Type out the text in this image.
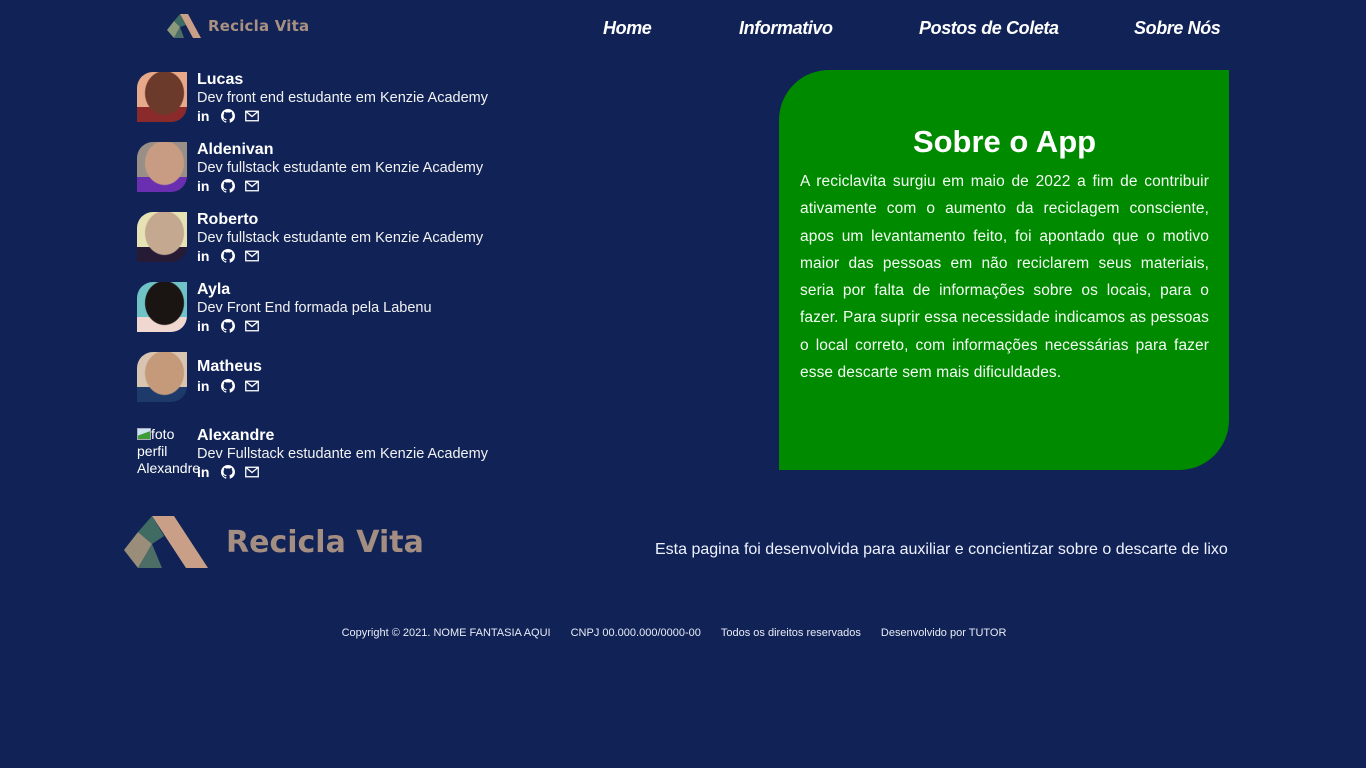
Recicla Vita	Home	Informativo	Postos de Coleta	Sobre Nós
Lucas
Dev front end estudante em Kenzie Academy
in
Aldenivan
Dev fullstack estudante em Kenzie Academy
in
Roberto
Dev fullstack estudante em Kenzie Academy
in
Ayla
Dev Front End formada pela Labenu
in
Matheus
in
foto perfil Alexandre
Alexandre
Dev Fullstack estudante em Kenzie Academy
in
Sobre o App

A reciclavita surgiu em maio de 2022 a fim de contribuir ativamente com o aumento da reciclagem consciente, apos um levantamento feito, foi apontado que o motivo maior das pessoas em não reciclarem seus materiais, seria por falta de informações sobre os locais, para o fazer. Para suprir essa necessidade indicamos as pessoas o local correto, com informações necessárias para fazer esse descarte sem mais dificuldades.

Recicla Vita	Esta pagina foi desenvolvida para auxiliar e concientizar sobre o descarte de lixo
Copyright © 2021. NOME FANTASIA AQUI CNPJ 00.000.000/0000-00 Todos os direitos reservados Desenvolvido por TUTOR
